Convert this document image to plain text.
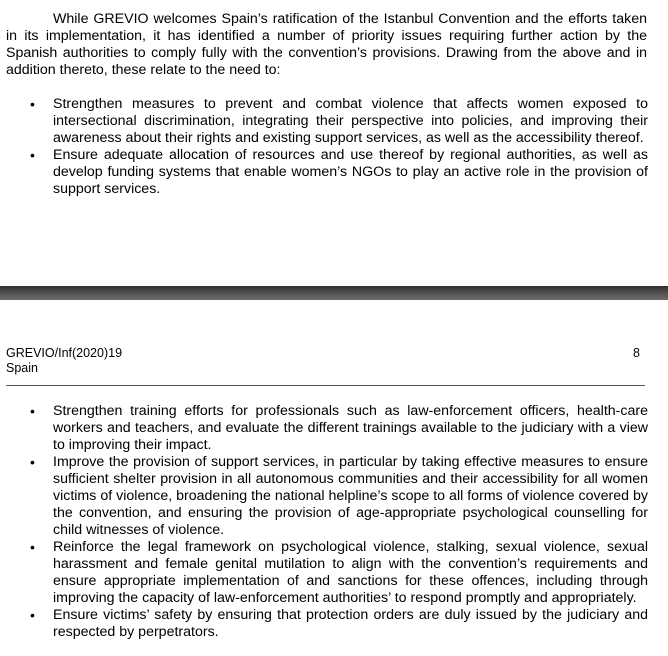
While GREVIO welcomes Spain’s ratification of the Istanbul Convention and the efforts taken in its implementation, it has identified a number of priority issues requiring further action by the Spanish authorities to comply fully with the convention’s provisions. Drawing from the above and in addition thereto, these relate to the need to:

• Strengthen measures to prevent and combat violence that affects women exposed to intersectional discrimination, integrating their perspective into policies, and improving their awareness about their rights and existing support services, as well as the accessibility thereof.
• Ensure adequate allocation of resources and use thereof by regional authorities, as well as develop funding systems that enable women’s NGOs to play an active role in the provision of support services.
GREVIO/Inf(2020)19
Spain
8
• Strengthen training efforts for professionals such as law-enforcement officers, health-care workers and teachers, and evaluate the different trainings available to the judiciary with a view to improving their impact.
• Improve the provision of support services, in particular by taking effective measures to ensure sufficient shelter provision in all autonomous communities and their accessibility for all women victims of violence, broadening the national helpline’s scope to all forms of violence covered by the convention, and ensuring the provision of age-appropriate psychological counselling for child witnesses of violence.
• Reinforce the legal framework on psychological violence, stalking, sexual violence, sexual harassment and female genital mutilation to align with the convention’s requirements and ensure appropriate implementation of and sanctions for these offences, including through improving the capacity of law-enforcement authorities’ to respond promptly and appropriately.
• Ensure victims’ safety by ensuring that protection orders are duly issued by the judiciary and respected by perpetrators.
